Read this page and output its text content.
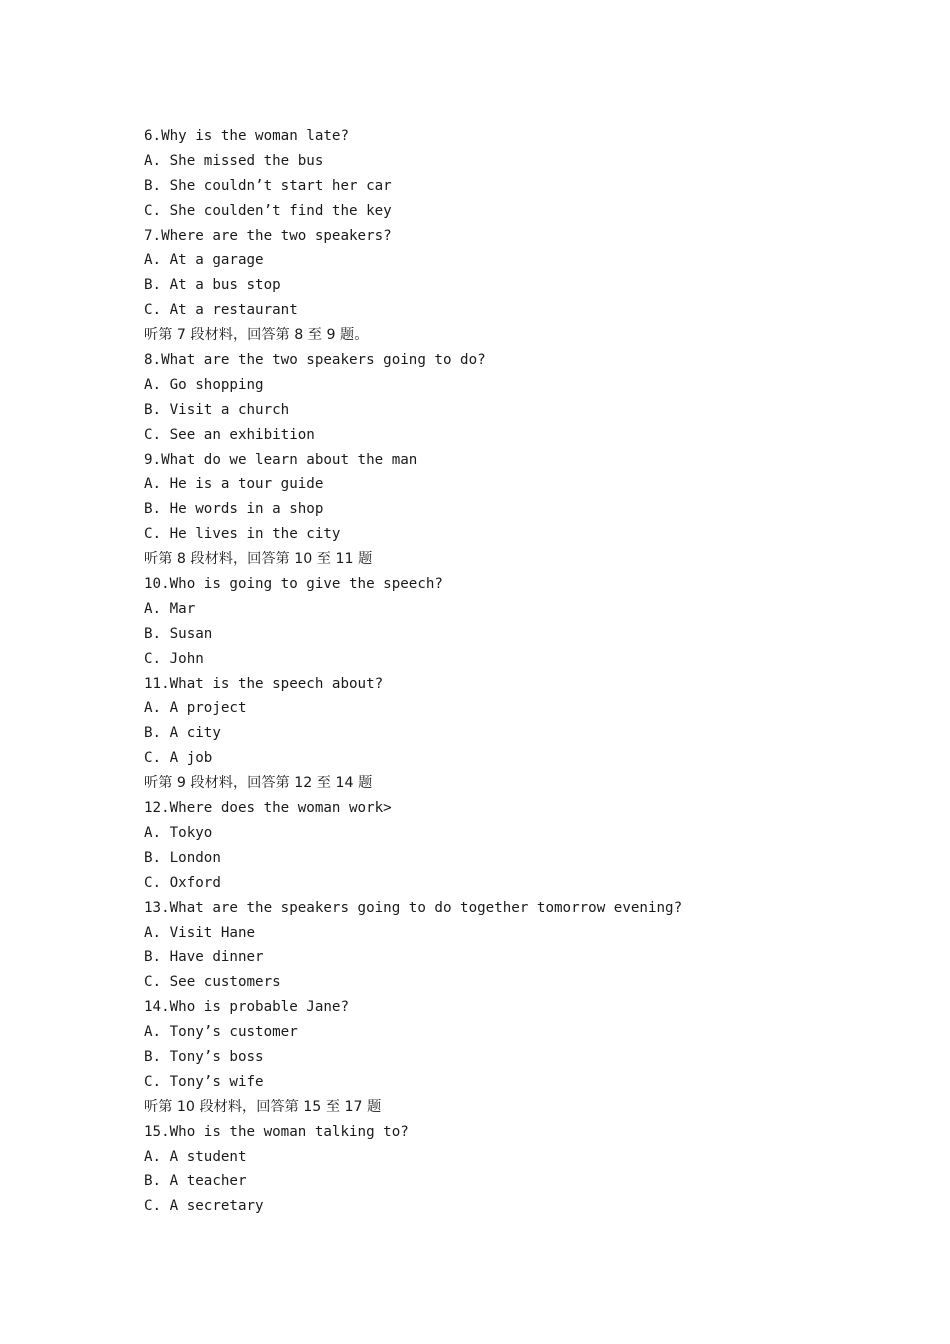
6.Why is the woman late?
A. She missed the bus
B. She couldn’t start her car
C. She coulden’t find the key
7.Where are the two speakers?
A. At a garage
B. At a bus stop
C. At a restaurant
听第 7 段材料，回答第 8 至 9 题。
8.What are the two speakers going to do?
A. Go shopping
B. Visit a church
C. See an exhibition
9.What do we learn about the man
A. He is a tour guide
B. He words in a shop
C. He lives in the city
听第 8 段材料，回答第 10 至 11 题
10.Who is going to give the speech?
A. Mar
B. Susan
C. John
11.What is the speech about?
A. A project
B. A city
C. A job
听第 9 段材料，回答第 12 至 14 题
12.Where does the woman work>
A. Tokyo
B. London
C. Oxford
13.What are the speakers going to do together tomorrow evening?
A. Visit Hane
B. Have dinner
C. See customers
14.Who is probable Jane?
A. Tony’s customer
B. Tony’s boss
C. Tony’s wife
听第 10 段材料，回答第 15 至 17 题
15.Who is the woman talking to?
A. A student
B. A teacher
C. A secretary
